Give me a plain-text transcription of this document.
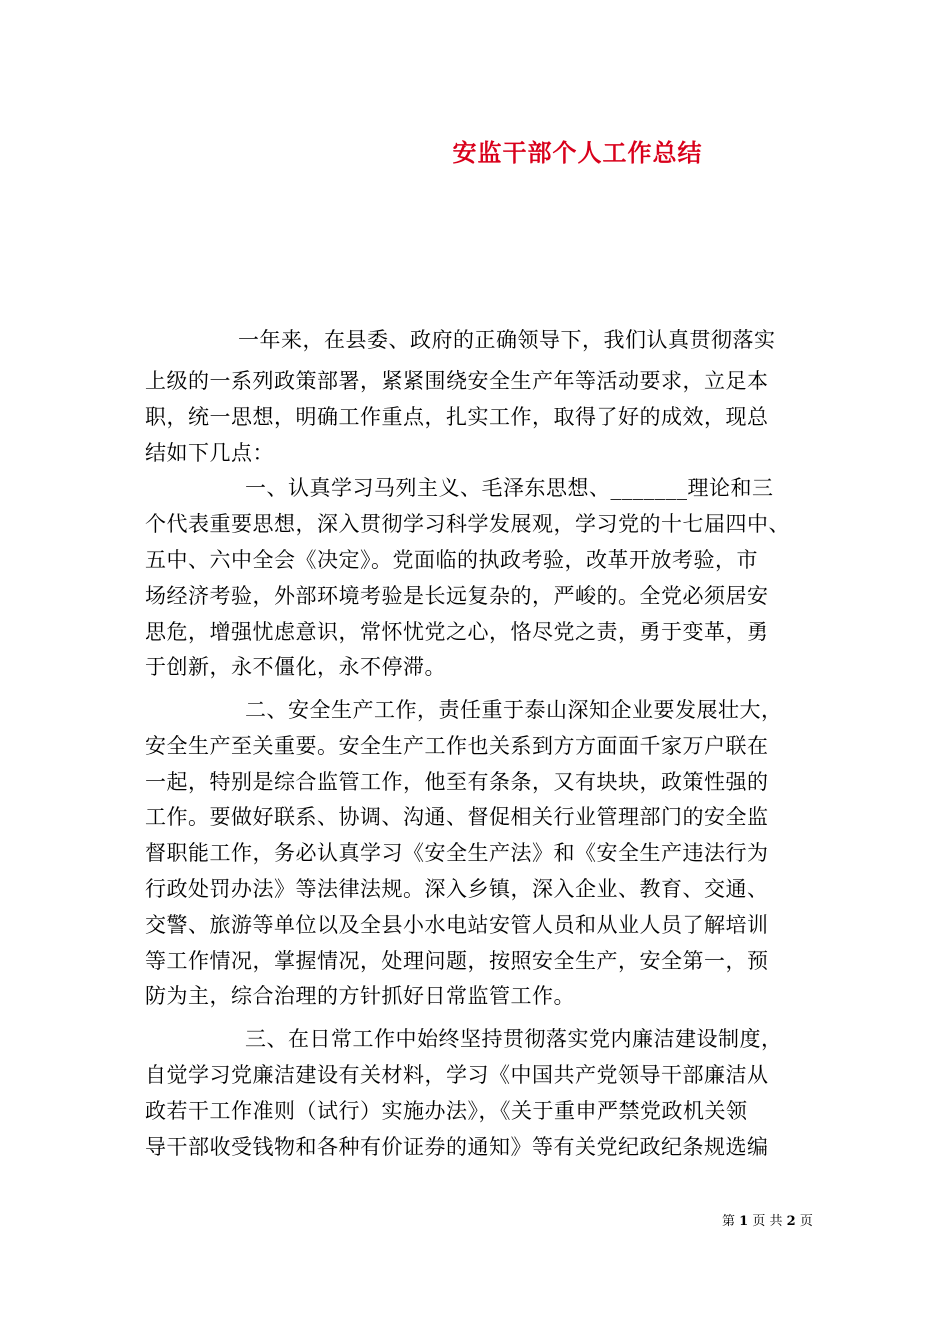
安监干部个人工作总结
一年来，在县委、政府的正确领导下，我们认真贯彻落实
上级的一系列政策部署，紧紧围绕安全生产年等活动要求，立足本
职，统一思想，明确工作重点，扎实工作，取得了好的成效，现总
结如下几点：
一、认真学习马列主义、毛泽东思想、_______理论和三
个代表重要思想，深入贯彻学习科学发展观，学习党的十七届四中、
五中、六中全会《决定》。党面临的执政考验，改革开放考验，市
场经济考验，外部环境考验是长远复杂的，严峻的。全党必须居安
思危，增强忧虑意识，常怀忧党之心，恪尽党之责，勇于变革，勇
于创新，永不僵化，永不停滞。
二、安全生产工作，责任重于泰山深知企业要发展壮大，
安全生产至关重要。安全生产工作也关系到方方面面千家万户联在
一起，特别是综合监管工作，他至有条条，又有块块，政策性强的
工作。要做好联系、协调、沟通、督促相关行业管理部门的安全监
督职能工作，务必认真学习《安全生产法》和《安全生产违法行为
行政处罚办法》等法律法规。深入乡镇，深入企业、教育、交通、
交警、旅游等单位以及全县小水电站安管人员和从业人员了解培训
等工作情况，掌握情况，处理问题，按照安全生产，安全第一，预
防为主，综合治理的方针抓好日常监管工作。
三、在日常工作中始终坚持贯彻落实党内廉洁建设制度，
自觉学习党廉洁建设有关材料，学习《中国共产党领导干部廉洁从
政若干工作准则（试行）实施办法》，《关于重申严禁党政机关领
导干部收受钱物和各种有价证券的通知》等有关党纪政纪条规选编
第 1 页 共 2 页
